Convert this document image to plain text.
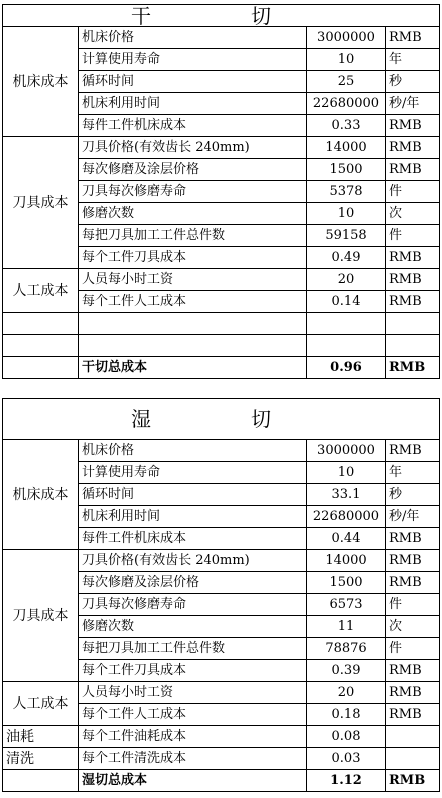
干　切			
机床成本	机床价格	3000000	RMB
	计算使用寿命	10	年
	循环时间	25	秒
	机床利用时间	22680000	秒/年
	每件工件机床成本	0.33	RMB
刀具成本	刀具价格(有效齿长 240mm)	14000	RMB
	每次修磨及涂层价格	1500	RMB
	刀具每次修磨寿命	5378	件
	修磨次数	10	次
	每把刀具加工工件总件数	59158	件
	每个工件刀具成本	0.49	RMB
人工成本	人员每小时工资	20	RMB
	每个工件人工成本	0.14	RMB

	干切总成本	0.96	RMB
湿　切			
机床成本	机床价格	3000000	RMB
	计算使用寿命	10	年
	循环时间	33.1	秒
	机床利用时间	22680000	秒/年
	每件工件机床成本	0.44	RMB
刀具成本	刀具价格(有效齿长 240mm)	14000	RMB
	每次修磨及涂层价格	1500	RMB
	刀具每次修磨寿命	6573	件
	修磨次数	11	次
	每把刀具加工工件总件数	78876	件
	每个工件刀具成本	0.39	RMB
人工成本	人员每小时工资	20	RMB
	每个工件人工成本	0.18	RMB
油耗	每个工件油耗成本	0.08	
清洗	每个工件清洗成本	0.03	
	湿切总成本	1.12	RMB
